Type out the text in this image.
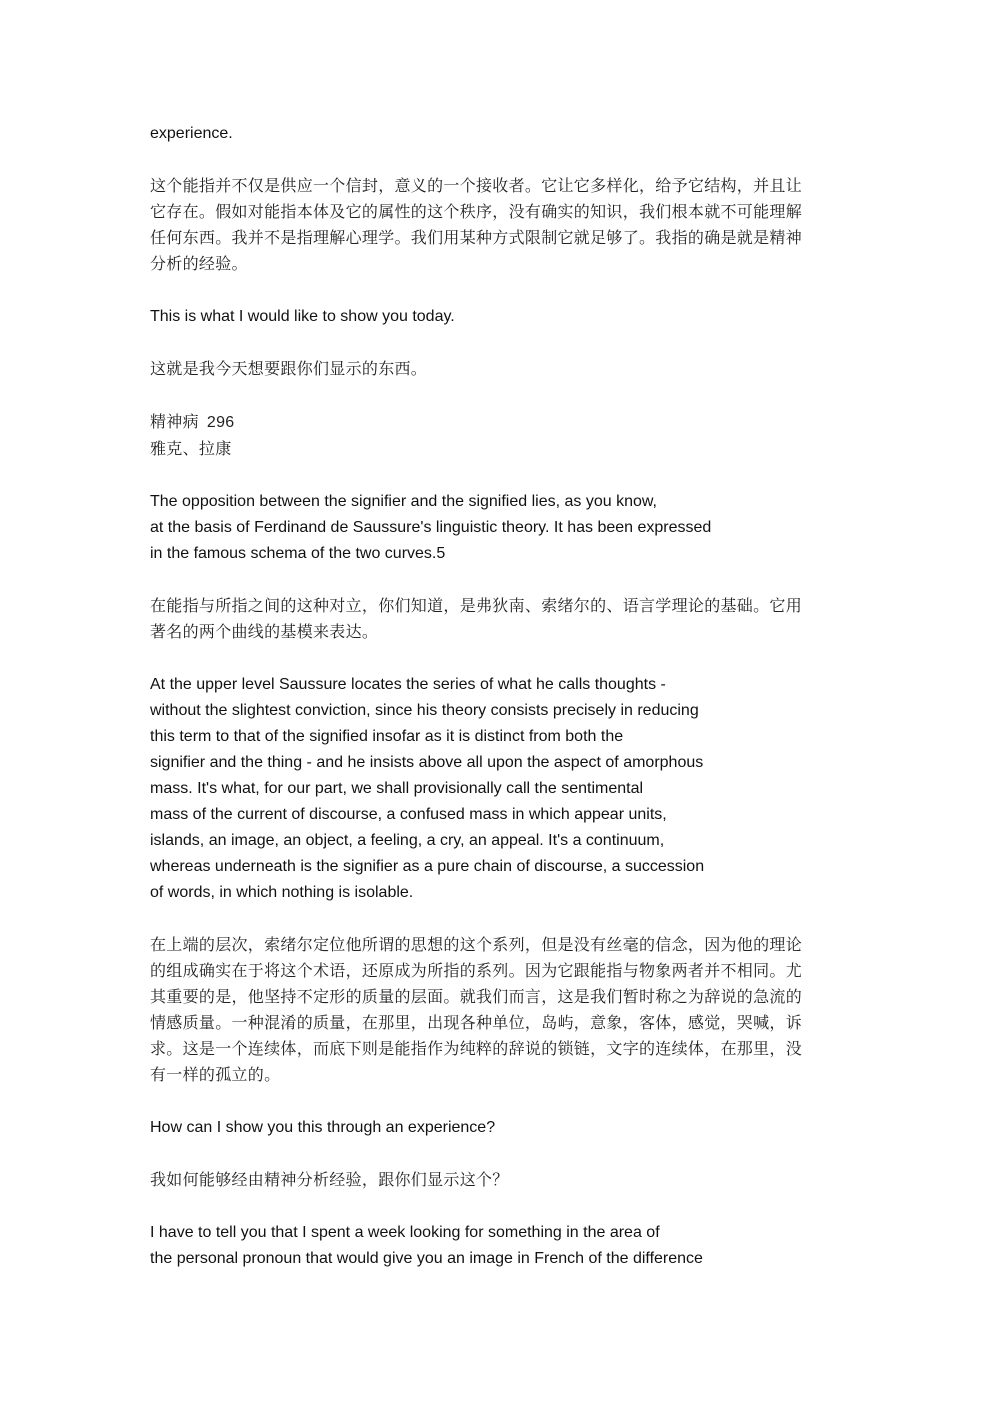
experience.

这个能指并不仅是供应一个信封，意义的一个接收者。它让它多样化，给予它结构，并且让
它存在。假如对能指本体及它的属性的这个秩序，没有确实的知识，我们根本就不可能理解
任何东西。我并不是指理解心理学。我们用某种方式限制它就足够了。我指的确是就是精神
分析的经验。

This is what I would like to show you today.

这就是我今天想要跟你们显示的东西。

精神病 296
雅克、拉康

The opposition between the signifier and the signified lies, as you know,
at the basis of Ferdinand de Saussure's linguistic theory. It has been expressed
in the famous schema of the two curves.5

在能指与所指之间的这种对立，你们知道，是弗狄南、索绪尔的、语言学理论的基础。它用
著名的两个曲线的基模来表达。

At the upper level Saussure locates the series of what he calls thoughts -
without the slightest conviction, since his theory consists precisely in reducing
this term to that of the signified insofar as it is distinct from both the
signifier and the thing - and he insists above all upon the aspect of amorphous
mass. It's what, for our part, we shall provisionally call the sentimental
mass of the current of discourse, a confused mass in which appear units,
islands, an image, an object, a feeling, a cry, an appeal. It's a continuum,
whereas underneath is the signifier as a pure chain of discourse, a succession
of words, in which nothing is isolable.

在上端的层次，索绪尔定位他所谓的思想的这个系列，但是没有丝毫的信念，因为他的理论
的组成确实在于将这个术语，还原成为所指的系列。因为它跟能指与物象两者并不相同。尤
其重要的是，他坚持不定形的质量的层面。就我们而言，这是我们暂时称之为辞说的急流的
情感质量。一种混淆的质量，在那里，出现各种单位，岛屿，意象，客体，感觉，哭喊，诉
求。这是一个连续体，而底下则是能指作为纯粹的辞说的锁链，文字的连续体，在那里，没
有一样的孤立的。

How can I show you this through an experience?

我如何能够经由精神分析经验，跟你们显示这个？

I have to tell you that I spent a week looking for something in the area of
the personal pronoun that would give you an image in French of the difference
